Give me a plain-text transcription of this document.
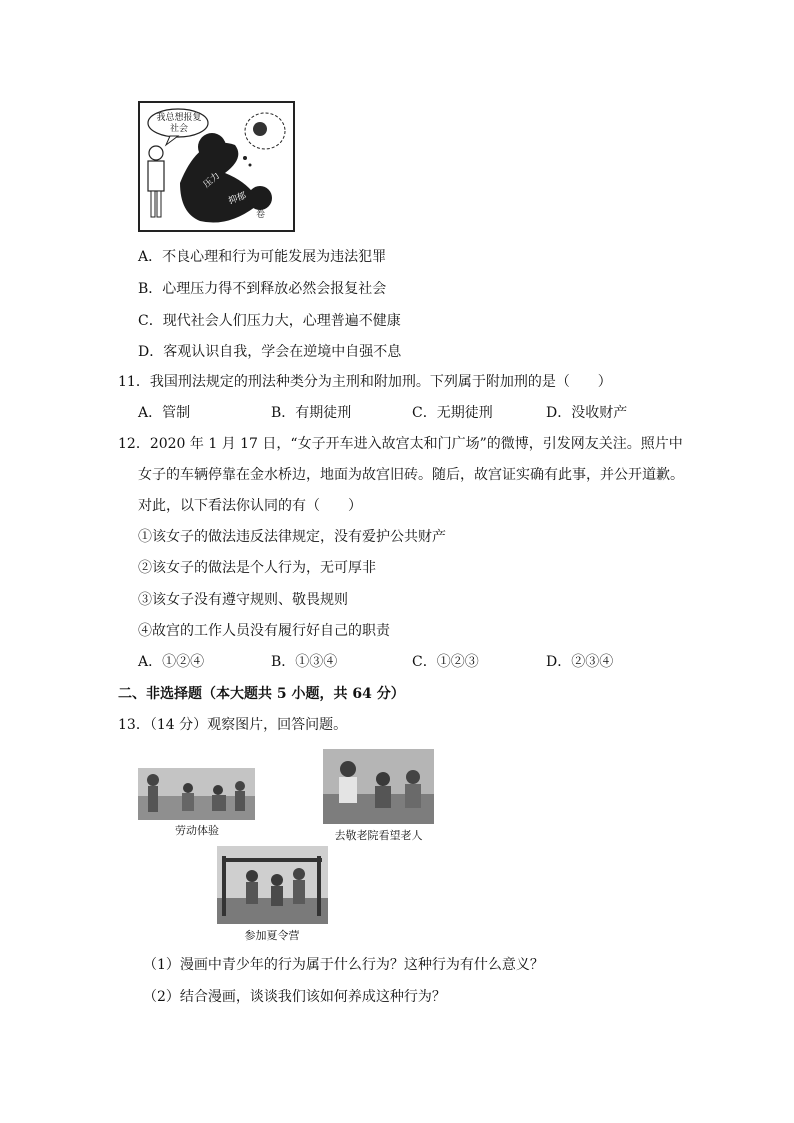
我总想报复社会
压力
抑郁
卷
A．不良心理和行为可能发展为违法犯罪
B．心理压力得不到释放必然会报复社会
C．现代社会人们压力大，心理普遍不健康
D．客观认识自我，学会在逆境中自强不息
11．我国刑法规定的刑法种类分为主刑和附加刑。下列属于附加刑的是（　　）
A．管制	B．有期徒刑	C．无期徒刑	D．没收财产
12．2020 年 1 月 17 日，“女子开车进入故宫太和门广场”的微博，引发网友关注。照片中
女子的车辆停靠在金水桥边，地面为故宫旧砖。随后，故宫证实确有此事，并公开道歉。
对此，以下看法你认同的有（　　）
①该女子的做法违反法律规定，没有爱护公共财产
②该女子的做法是个人行为，无可厚非
③该女子没有遵守规则、敬畏规则
④故宫的工作人员没有履行好自己的职责
A．①②④	B．①③④	C．①②③	D．②③④
二、非选择题（本大题共 5 小题，共 64 分）
13．（14 分）观察图片，回答问题。
劳动体验	去敬老院看望老人
参加夏令营
（1）漫画中青少年的行为属于什么行为？这种行为有什么意义？
（2）结合漫画，谈谈我们该如何养成这种行为？
